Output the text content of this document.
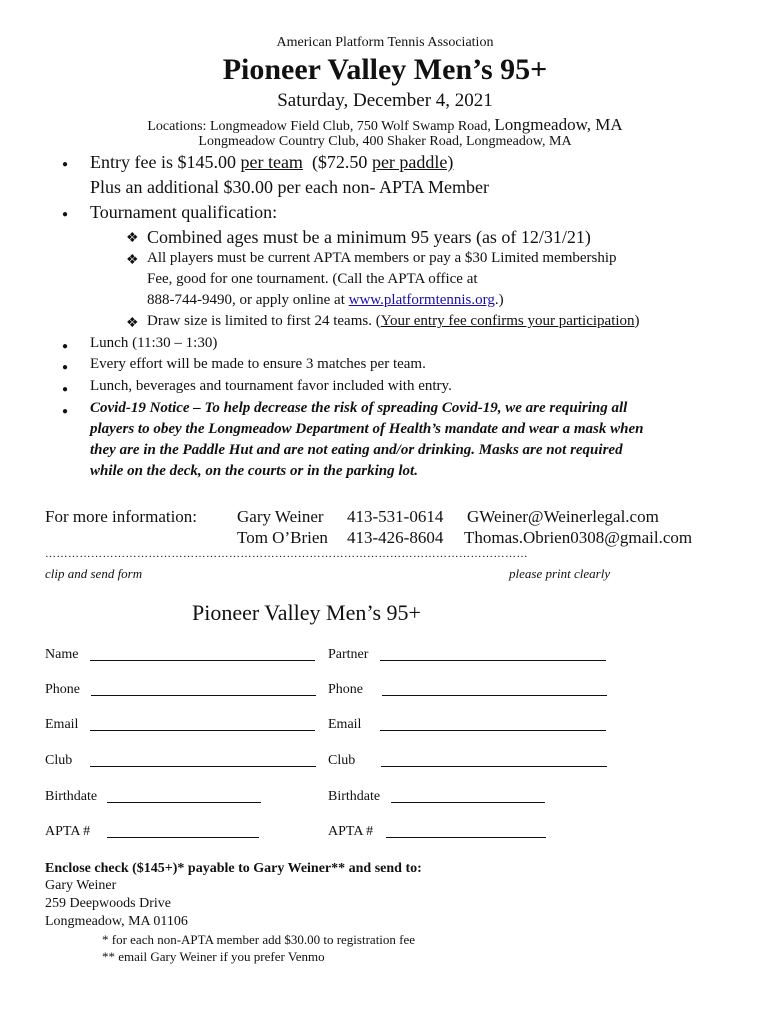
American Platform Tennis Association
Pioneer Valley Men’s 95+
Saturday, December 4, 2021
Locations: Longmeadow Field Club, 750 Wolf Swamp Road, Longmeadow, MA
Longmeadow Country Club, 400 Shaker Road, Longmeadow, MA
● Entry fee is $145.00 per team ($72.50 per paddle)
Plus an additional $30.00 per each non- APTA Member
● Tournament qualification:
❖ Combined ages must be a minimum 95 years (as of 12/31/21)
❖ All players must be current APTA members or pay a $30 Limited membership
Fee, good for one tournament. (Call the APTA office at
888-744-9490, or apply online at www.platformtennis.org.)
❖ Draw size is limited to first 24 teams. (Your entry fee confirms your participation)
● Lunch (11:30 – 1:30)
● Every effort will be made to ensure 3 matches per team.
● Lunch, beverages and tournament favor included with entry.
● Covid-19 Notice – To help decrease the risk of spreading Covid-19, we are requiring all
players to obey the Longmeadow Department of Health’s mandate and wear a mask when
they are in the Paddle Hut and are not eating and/or drinking. Masks are not required
while on the deck, on the courts or in the parking lot.
For more information: Gary Weiner 413-531-0614 GWeiner@Weinerlegal.com
Tom O’Brien 413-426-8604 Thomas.Obrien0308@gmail.com
………………………………………………………………………………………………………………
clip and send form	please print clearly
Pioneer Valley Men’s 95+
Name	Partner
Phone	Phone
Email	Email
Club	Club
Birthdate	Birthdate
APTA #	APTA #
Enclose check ($145+)* payable to Gary Weiner** and send to:
Gary Weiner
259 Deepwoods Drive
Longmeadow, MA 01106
* for each non-APTA member add $30.00 to registration fee
** email Gary Weiner if you prefer Venmo
